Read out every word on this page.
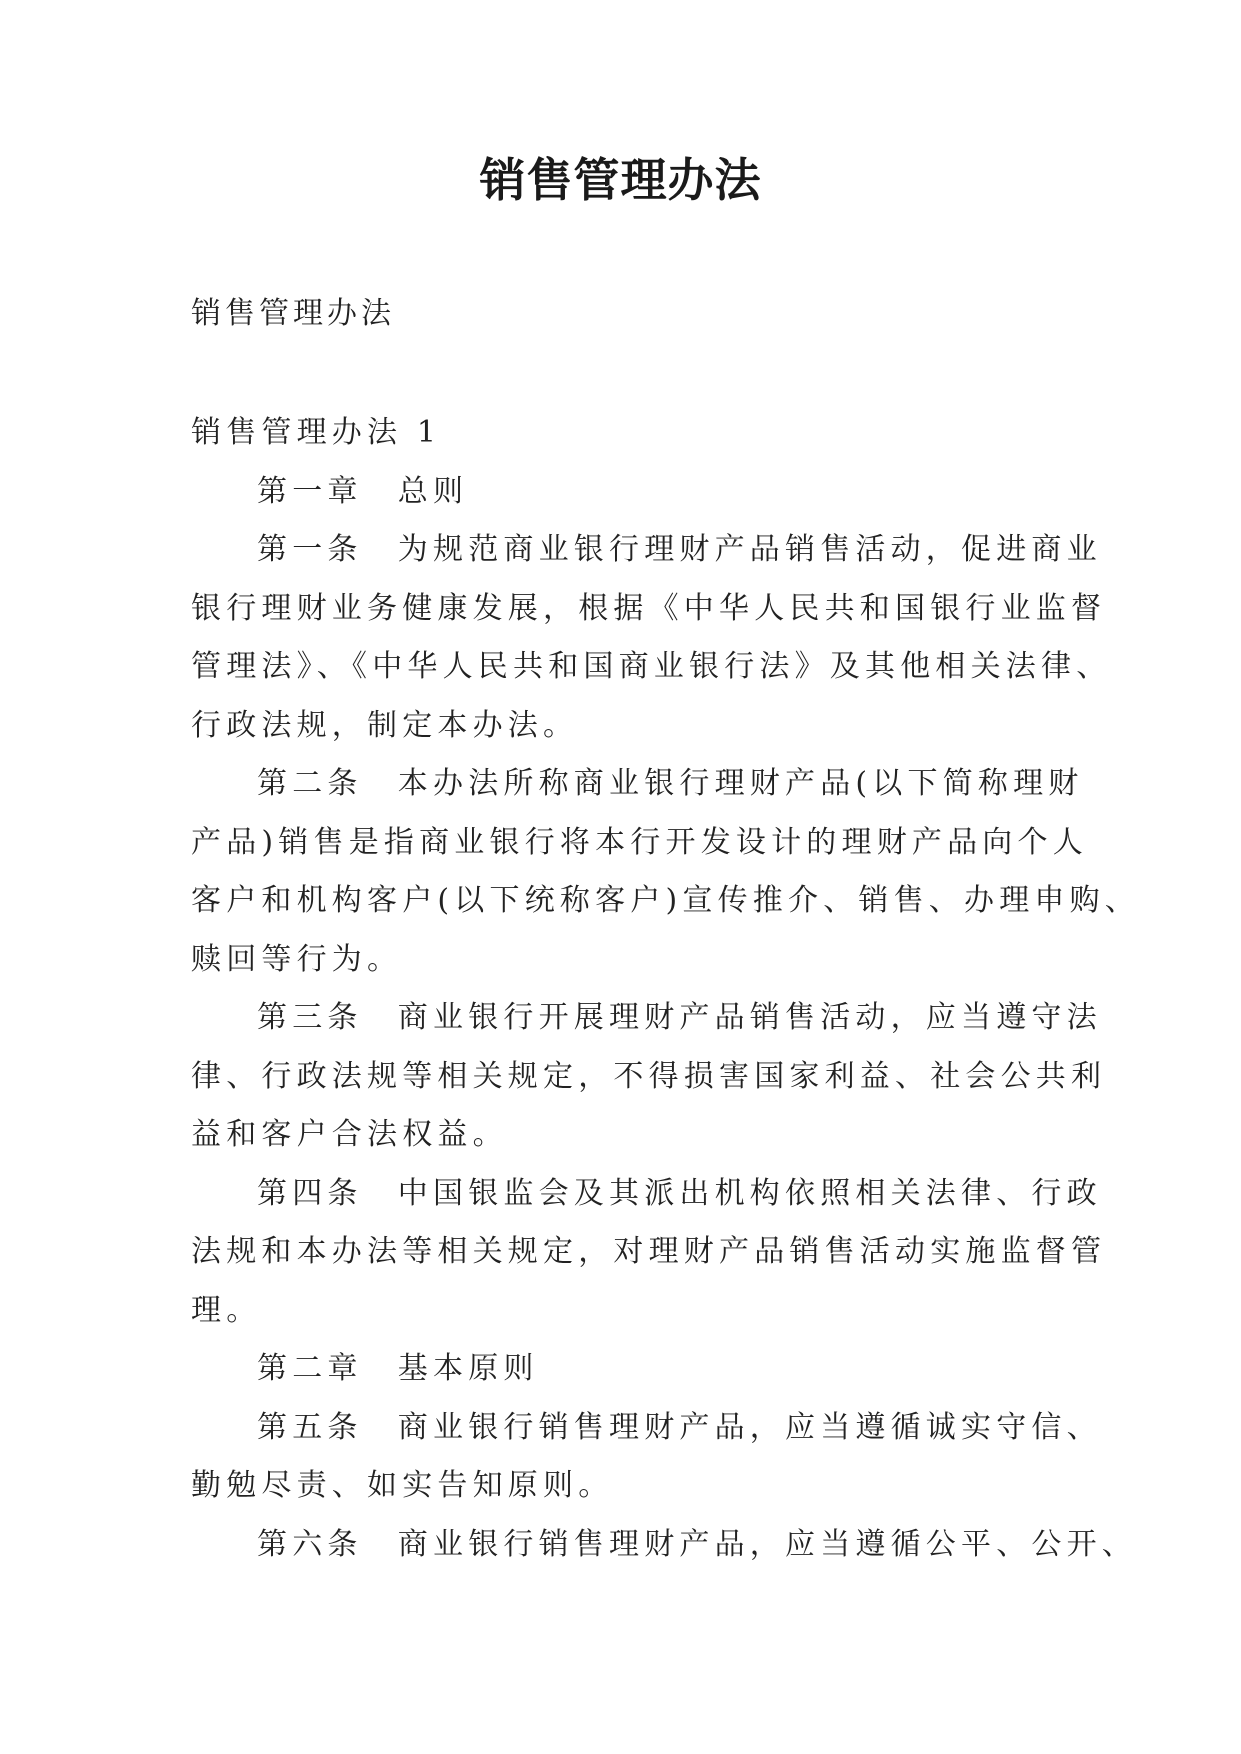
销售管理办法

销售管理办法

销售管理办法 1

第一章　总则

第一条　为规范商业银行理财产品销售活动，促进商业

银行理财业务健康发展，根据《中华人民共和国银行业监督

管理法》、《中华人民共和国商业银行法》及其他相关法律、

行政法规，制定本办法。

第二条　本办法所称商业银行理财产品(以下简称理财

产品)销售是指商业银行将本行开发设计的理财产品向个人

客户和机构客户(以下统称客户)宣传推介、销售、办理申购、

赎回等行为。

第三条　商业银行开展理财产品销售活动，应当遵守法

律、行政法规等相关规定，不得损害国家利益、社会公共利

益和客户合法权益。

第四条　中国银监会及其派出机构依照相关法律、行政

法规和本办法等相关规定，对理财产品销售活动实施监督管

理。

第二章　基本原则

第五条　商业银行销售理财产品，应当遵循诚实守信、

勤勉尽责、如实告知原则。

第六条　商业银行销售理财产品，应当遵循公平、公开、
